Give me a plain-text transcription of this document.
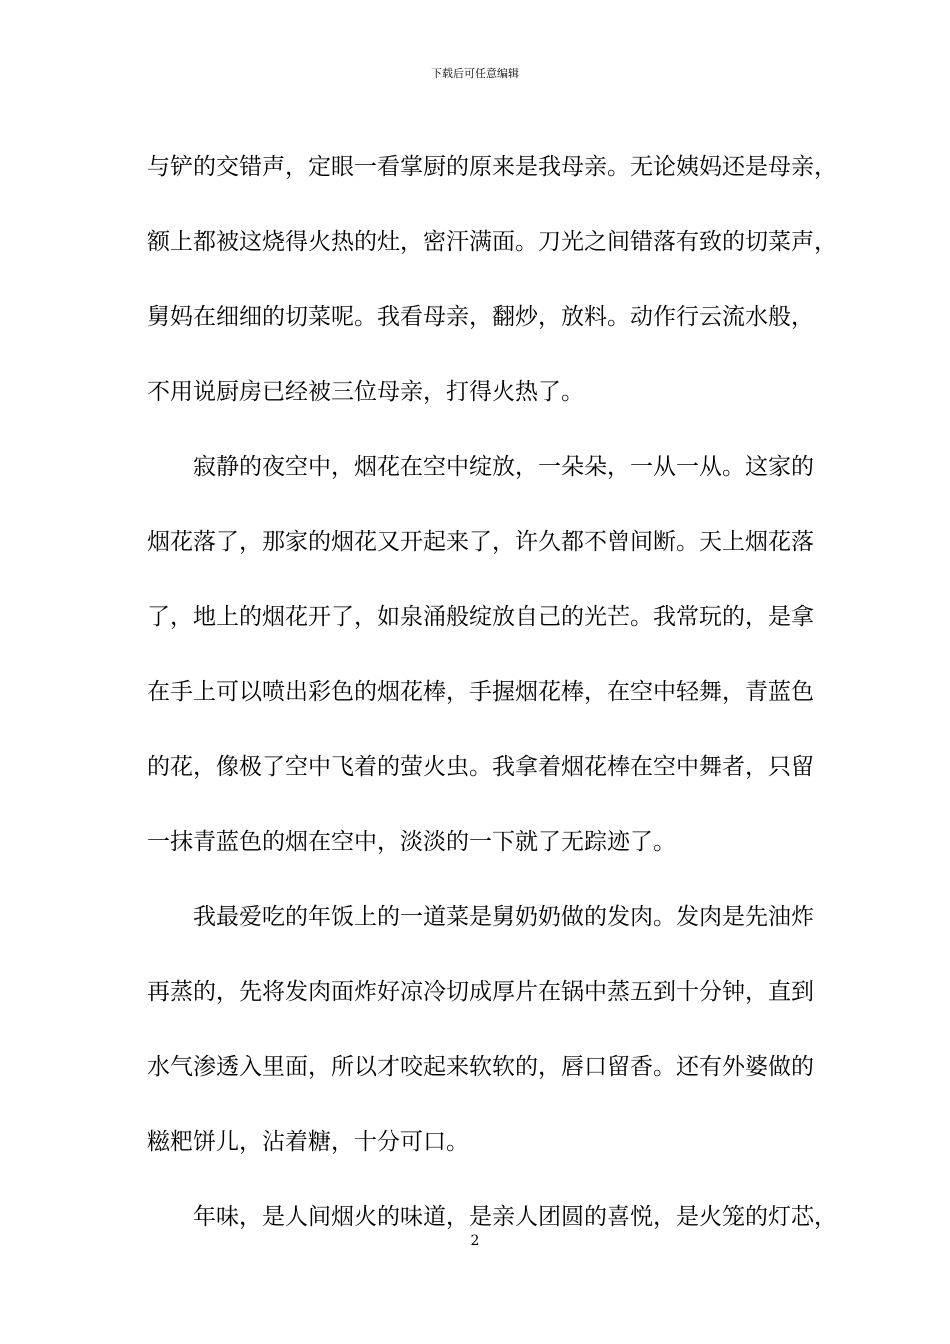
下载后可任意编辑
与铲的交错声，定眼一看掌厨的原来是我母亲。无论姨妈还是母亲，
额上都被这烧得火热的灶，密汗满面。刀光之间错落有致的切菜声，
舅妈在细细的切菜呢。我看母亲，翻炒，放料。动作行云流水般，
不用说厨房已经被三位母亲，打得火热了。
寂静的夜空中，烟花在空中绽放，一朵朵，一从一从。这家的
烟花落了，那家的烟花又开起来了，许久都不曾间断。天上烟花落
了，地上的烟花开了，如泉涌般绽放自己的光芒。我常玩的，是拿
在手上可以喷出彩色的烟花棒，手握烟花棒，在空中轻舞，青蓝色
的花，像极了空中飞着的萤火虫。我拿着烟花棒在空中舞者，只留
一抹青蓝色的烟在空中，淡淡的一下就了无踪迹了。
我最爱吃的年饭上的一道菜是舅奶奶做的发肉。发肉是先油炸
再蒸的，先将发肉面炸好凉冷切成厚片在锅中蒸五到十分钟，直到
水气渗透入里面，所以才咬起来软软的，唇口留香。还有外婆做的
糍粑饼儿，沾着糖，十分可口。
年味，是人间烟火的味道，是亲人团圆的喜悦，是火笼的灯芯，
2
